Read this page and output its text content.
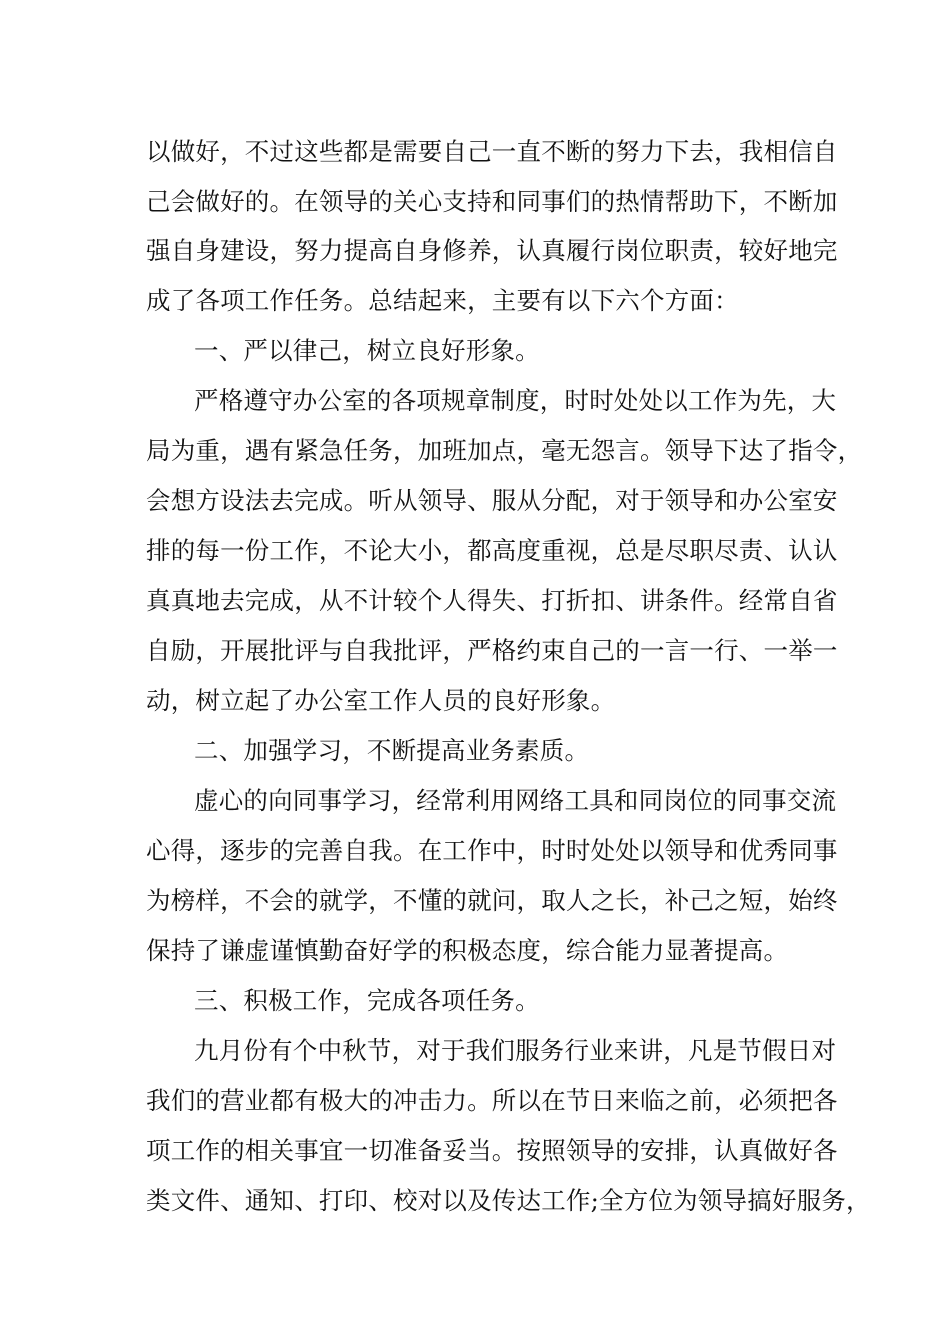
以做好，不过这些都是需要自己一直不断的努力下去，我相信自
己会做好的。在领导的关心支持和同事们的热情帮助下，不断加
强自身建设，努力提高自身修养，认真履行岗位职责，较好地完
成了各项工作任务。总结起来，主要有以下六个方面：
一、严以律己，树立良好形象。
严格遵守办公室的各项规章制度，时时处处以工作为先，大
局为重，遇有紧急任务，加班加点，毫无怨言。领导下达了指令，
会想方设法去完成。听从领导、服从分配，对于领导和办公室安
排的每一份工作，不论大小，都高度重视，总是尽职尽责、认认
真真地去完成，从不计较个人得失、打折扣、讲条件。经常自省
自励，开展批评与自我批评，严格约束自己的一言一行、一举一
动，树立起了办公室工作人员的良好形象。
二、加强学习，不断提高业务素质。
虚心的向同事学习，经常利用网络工具和同岗位的同事交流
心得，逐步的完善自我。在工作中，时时处处以领导和优秀同事
为榜样，不会的就学，不懂的就问，取人之长，补己之短，始终
保持了谦虚谨慎勤奋好学的积极态度，综合能力显著提高。
三、积极工作，完成各项任务。
九月份有个中秋节，对于我们服务行业来讲，凡是节假日对
我们的营业都有极大的冲击力。所以在节日来临之前，必须把各
项工作的相关事宜一切准备妥当。按照领导的安排，认真做好各
类文件、通知、打印、校对以及传达工作;全方位为领导搞好服务，
